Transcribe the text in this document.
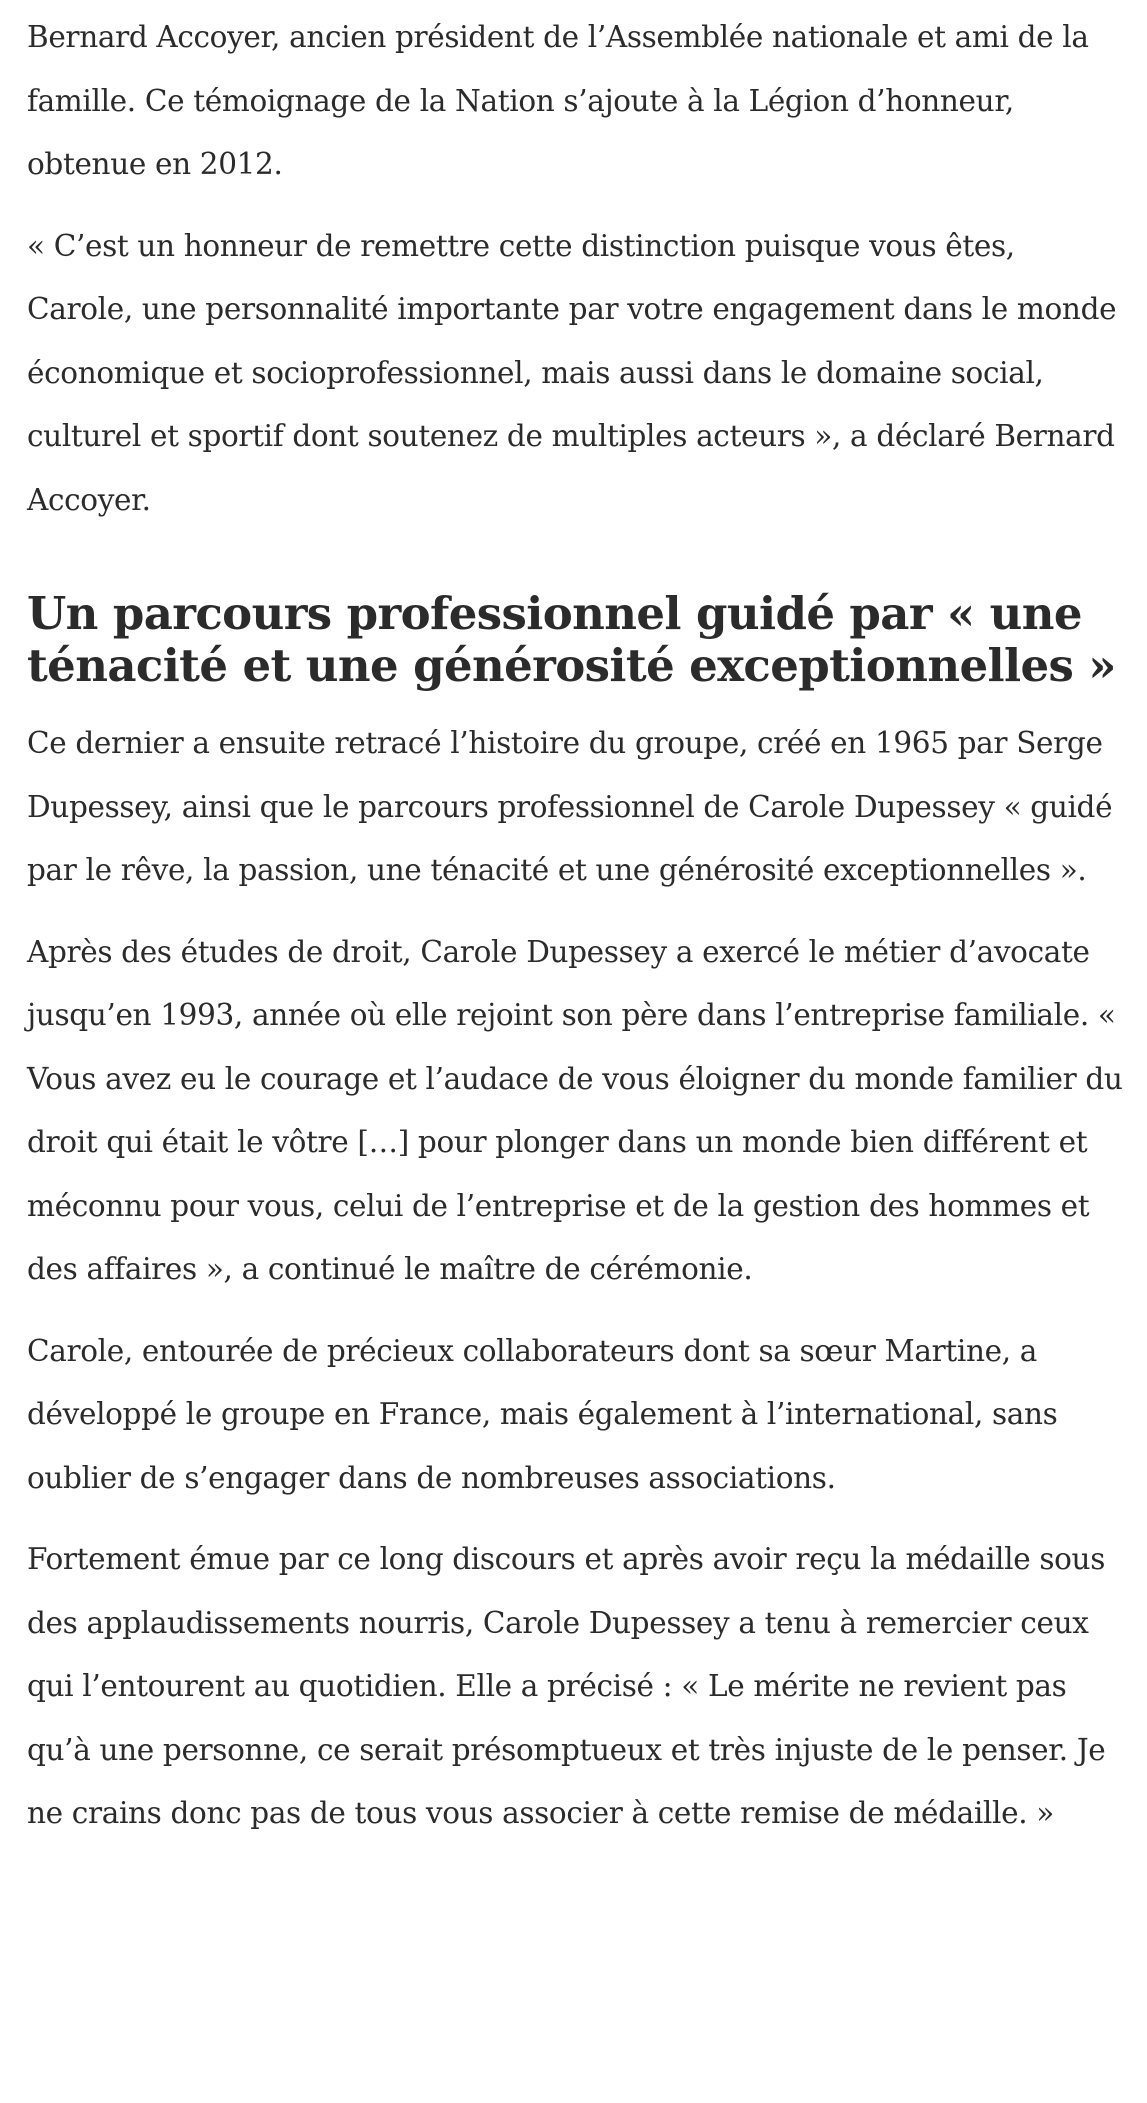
Bernard Accoyer, ancien président de l’Assemblée nationale et ami de la famille. Ce témoignage de la Nation s’ajoute à la Légion d’honneur, obtenue en 2012.

« C’est un honneur de remettre cette distinction puisque vous êtes, Carole, une personnalité importante par votre engagement dans le monde économique et socioprofessionnel, mais aussi dans le domaine social, culturel et sportif dont soutenez de multiples acteurs », a déclaré Bernard Accoyer.

Un parcours professionnel guidé par « une ténacité et une générosité exceptionnelles »

Ce dernier a ensuite retracé l’histoire du groupe, créé en 1965 par Serge Dupessey, ainsi que le parcours professionnel de Carole Dupessey « guidé par le rêve, la passion, une ténacité et une générosité exceptionnelles ».

Après des études de droit, Carole Dupessey a exercé le métier d’avocate jusqu’en 1993, année où elle rejoint son père dans l’entreprise familiale. « Vous avez eu le courage et l’audace de vous éloigner du monde familier du droit qui était le vôtre […] pour plonger dans un monde bien différent et méconnu pour vous, celui de l’entreprise et de la gestion des hommes et des affaires », a continué le maître de cérémonie.

Carole, entourée de précieux collaborateurs dont sa sœur Martine, a développé le groupe en France, mais également à l’international, sans oublier de s’engager dans de nombreuses associations.

Fortement émue par ce long discours et après avoir reçu la médaille sous des applaudissements nourris, Carole Dupessey a tenu à remercier ceux qui l’entourent au quotidien. Elle a précisé : « Le mérite ne revient pas qu’à une personne, ce serait présomptueux et très injuste de le penser. Je ne crains donc pas de tous vous associer à cette remise de médaille. »
